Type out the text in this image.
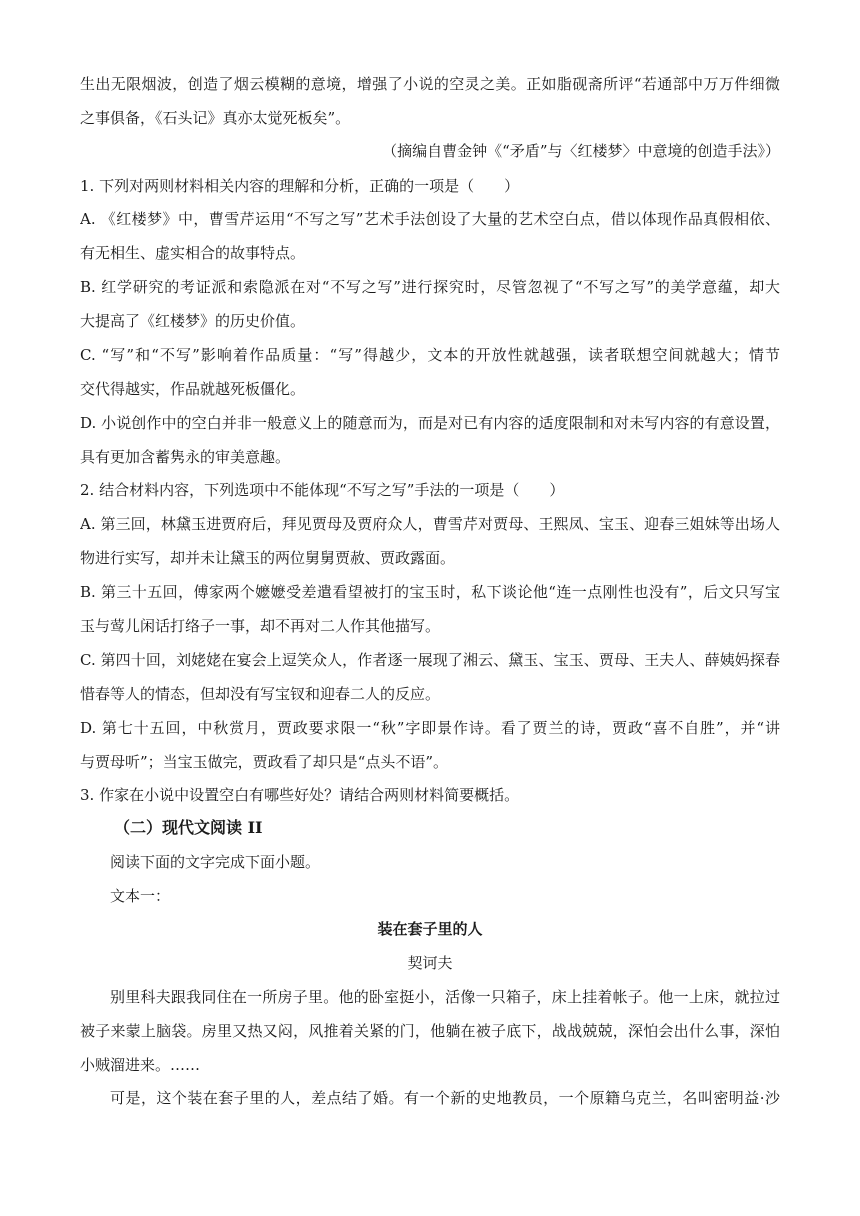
生出无限烟波，创造了烟云模糊的意境，增强了小说的空灵之美。正如脂砚斋所评“若通部中万万件细微
之事俱备，《石头记》真亦太觉死板矣”。
（摘编自曹金钟《“矛盾”与〈红楼梦〉中意境的创造手法》）
1. 下列对两则材料相关内容的理解和分析，正确的一项是（　　）
A. 《红楼梦》中，曹雪芹运用“不写之写”艺术手法创设了大量的艺术空白点，借以体现作品真假相依、
有无相生、虚实相合的故事特点。
B. 红学研究的考证派和索隐派在对“不写之写”进行探究时，尽管忽视了“不写之写”的美学意蕴，却大
大提高了《红楼梦》的历史价值。
C. “写”和“不写”影响着作品质量：“写”得越少，文本的开放性就越强，读者联想空间就越大；情节
交代得越实，作品就越死板僵化。
D. 小说创作中的空白并非一般意义上的随意而为，而是对已有内容的适度限制和对未写内容的有意设置，
具有更加含蓄隽永的审美意趣。
2. 结合材料内容，下列选项中不能体现“不写之写”手法的一项是（　　）
A. 第三回，林黛玉进贾府后，拜见贾母及贾府众人，曹雪芹对贾母、王熙凤、宝玉、迎春三姐妹等出场人
物进行实写，却并未让黛玉的两位舅舅贾赦、贾政露面。
B. 第三十五回，傅家两个嬷嬷受差遣看望被打的宝玉时，私下谈论他“连一点刚性也没有”，后文只写宝
玉与莺儿闲话打络子一事，却不再对二人作其他描写。
C. 第四十回，刘姥姥在宴会上逗笑众人，作者逐一展现了湘云、黛玉、宝玉、贾母、王夫人、薛姨妈探春
惜春等人的情态，但却没有写宝钗和迎春二人的反应。
D. 第七十五回，中秋赏月，贾政要求限一“秋”字即景作诗。看了贾兰的诗，贾政“喜不自胜”，并“讲
与贾母听”；当宝玉做完，贾政看了却只是“点头不语”。
3. 作家在小说中设置空白有哪些好处？请结合两则材料简要概括。
（二）现代文阅读 II
阅读下面的文字完成下面小题。
文本一：
装在套子里的人
契诃夫
别里科夫跟我同住在一所房子里。他的卧室挺小，活像一只箱子，床上挂着帐子。他一上床，就拉过
被子来蒙上脑袋。房里又热又闷，风推着关紧的门，他躺在被子底下，战战兢兢，深怕会出什么事，深怕
小贼溜进来。……
可是，这个装在套子里的人，差点结了婚。有一个新的史地教员，一个原籍乌克兰，名叫密明益·沙
